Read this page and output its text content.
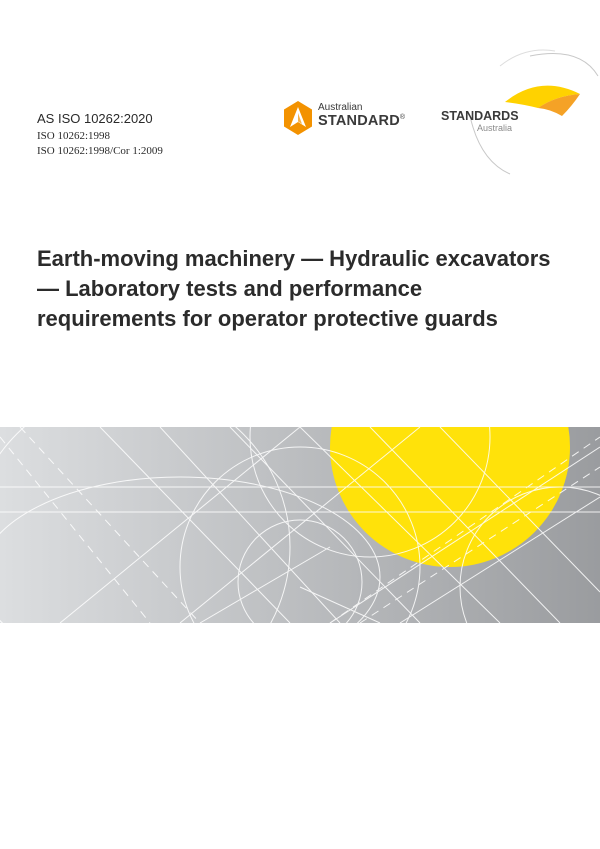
AS ISO 10262:2020
ISO 10262:1998
ISO 10262:1998/Cor 1:2009
Australian
STANDARD®	STANDARDS
Australia
Earth-moving machinery — Hydraulic excavators — Laboratory tests and performance requirements for operator protective guards
